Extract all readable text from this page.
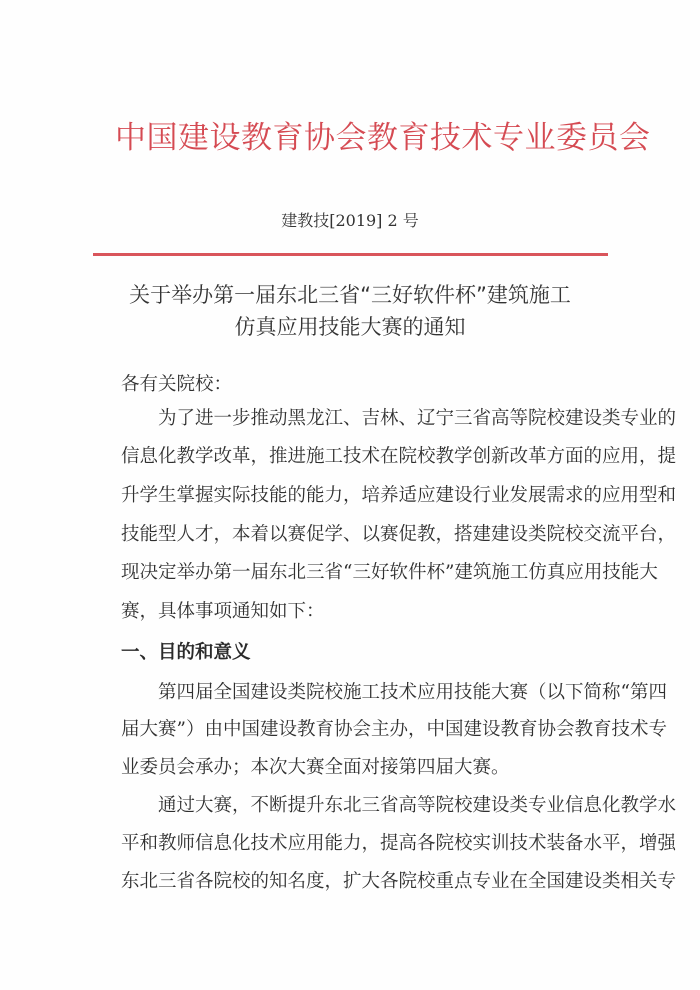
中国建设教育协会教育技术专业委员会
建教技[2019] 2 号
关于举办第一届东北三省“三好软件杯”建筑施工
仿真应用技能大赛的通知
各有关院校：
为了进一步推动黑龙江、吉林、辽宁三省高等院校建设类专业的
信息化教学改革，推进施工技术在院校教学创新改革方面的应用，提
升学生掌握实际技能的能力，培养适应建设行业发展需求的应用型和
技能型人才，本着以赛促学、以赛促教，搭建建设类院校交流平台，
现决定举办第一届东北三省“三好软件杯”建筑施工仿真应用技能大
赛，具体事项通知如下：
一、目的和意义
第四届全国建设类院校施工技术应用技能大赛（以下简称“第四
届大赛”）由中国建设教育协会主办，中国建设教育协会教育技术专
业委员会承办；本次大赛全面对接第四届大赛。
通过大赛，不断提升东北三省高等院校建设类专业信息化教学水
平和教师信息化技术应用能力，提高各院校实训技术装备水平，增强
东北三省各院校的知名度，扩大各院校重点专业在全国建设类相关专
